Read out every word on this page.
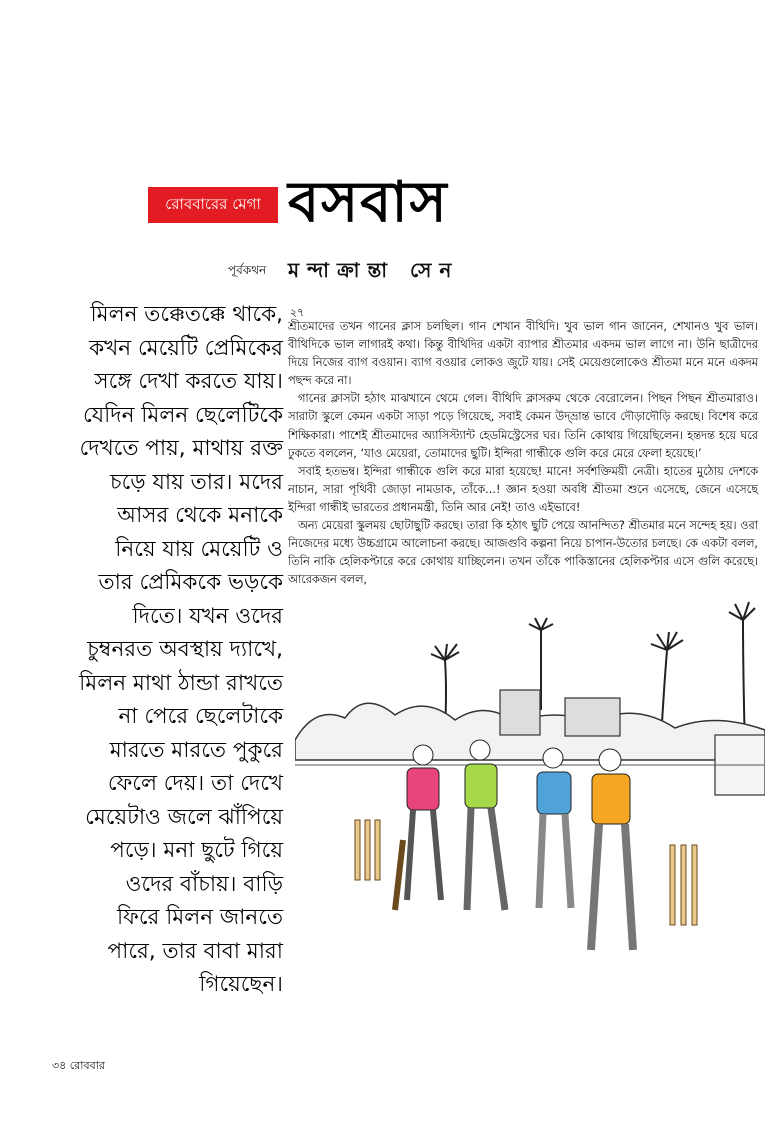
রোববারের মেগা বসবাস
পূর্বকথন মন্দাক্রান্তা সেন
মিলন তক্কেতক্কে থাকে,
কখন মেয়েটি প্রেমিকের
সঙ্গে দেখা করতে যায়।
যেদিন মিলন ছেলেটিকে
দেখতে পায়, মাথায় রক্ত
চড়ে যায় তার। মদের
আসর থেকে মনাকে
নিয়ে যায় মেয়েটি ও
তার প্রেমিককে ভড়কে
দিতে। যখন ওদের
চুম্বনরত অবস্থায় দ্যাখে,
মিলন মাথা ঠান্ডা রাখতে
না পেরে ছেলেটাকে
মারতে মারতে পুকুরে
ফেলে দেয়। তা দেখে
মেয়েটাও জলে ঝাঁপিয়ে
পড়ে। মনা ছুটে গিয়ে
ওদের বাঁচায়। বাড়ি
ফিরে মিলন জানতে
পারে, তার বাবা মারা
গিয়েছেন।
২৭

শ্রীতমাদের তখন গানের ক্লাস চলছিল। গান শেখান বীথিদি। খুব ভাল গান জানেন, শেখানও খুব ভাল। বীথিদিকে ভাল লাগারই কথা। কিন্তু বীথিদির একটা ব্যাপার শ্রীতমার একদম ভাল লাগে না। উনি ছাত্রীদের দিয়ে নিজের ব্যাগ বওয়ান। ব্যাগ বওয়ার লোকও জুটে যায়। সেই মেয়েগুলোকেও শ্রীতমা মনে মনে একদম পছন্দ করে না।

গানের ক্লাসটা হঠাৎ মাঝখানে থেমে গেল। বীথিদি ক্লাসরুম থেকে বেরোলেন। পিছন পিছন শ্রীতমারাও। সারাটা স্কুলে কেমন একটা সাড়া পড়ে গিয়েছে, সবাই কেমন উদ্‌ভ্রান্ত ভাবে দৌড়াদৌড়ি করছে। বিশেষ করে শিক্ষিকারা। পাশেই শ্রীতমাদের অ্যাসিস্ট্যান্ট হেডমিস্ট্রেসের ঘর। তিনি কোথায় গিয়েছিলেন। হন্তদন্ত হয়ে ঘরে ঢুকতে বললেন, ‘যাও মেয়েরা, তোমাদের ছুটি। ইন্দিরা গান্ধীকে গুলি করে মেরে ফেলা হয়েছে।’

সবাই হতভম্ব। ইন্দিরা গান্ধীকে গুলি করে মারা হয়েছে! মানে! সর্বশক্তিময়ী নেত্রী। হাতের মুঠোয় দেশকে নাচান, সারা পৃথিবী জোড়া নামডাক, তাঁকে...! জ্ঞান হওয়া অবধি শ্রীতমা শুনে এসেছে, জেনে এসেছে ইন্দিরা গান্ধীই ভারতের প্রধানমন্ত্রী, তিনি আর নেই! তাও এইভাবে!

অন্য মেয়েরা স্কুলময় ছোটাছুটি করছে। তারা কি হঠাৎ ছুটি পেয়ে আনন্দিত? শ্রীতমার মনে সন্দেহ হয়। ওরা নিজেদের মধ্যে উচ্চগ্রামে আলোচনা করছে। আজগুবি কল্পনা নিয়ে চাপান-উতোর চলছে। কে একটা বলল, তিনি নাকি হেলিকপ্টারে করে কোথায় যাচ্ছিলেন। তখন তাঁকে পাকিস্তানের হেলিকপ্টার এসে গুলি করেছে। আরেকজন বলল,

৩৪ রোববার
